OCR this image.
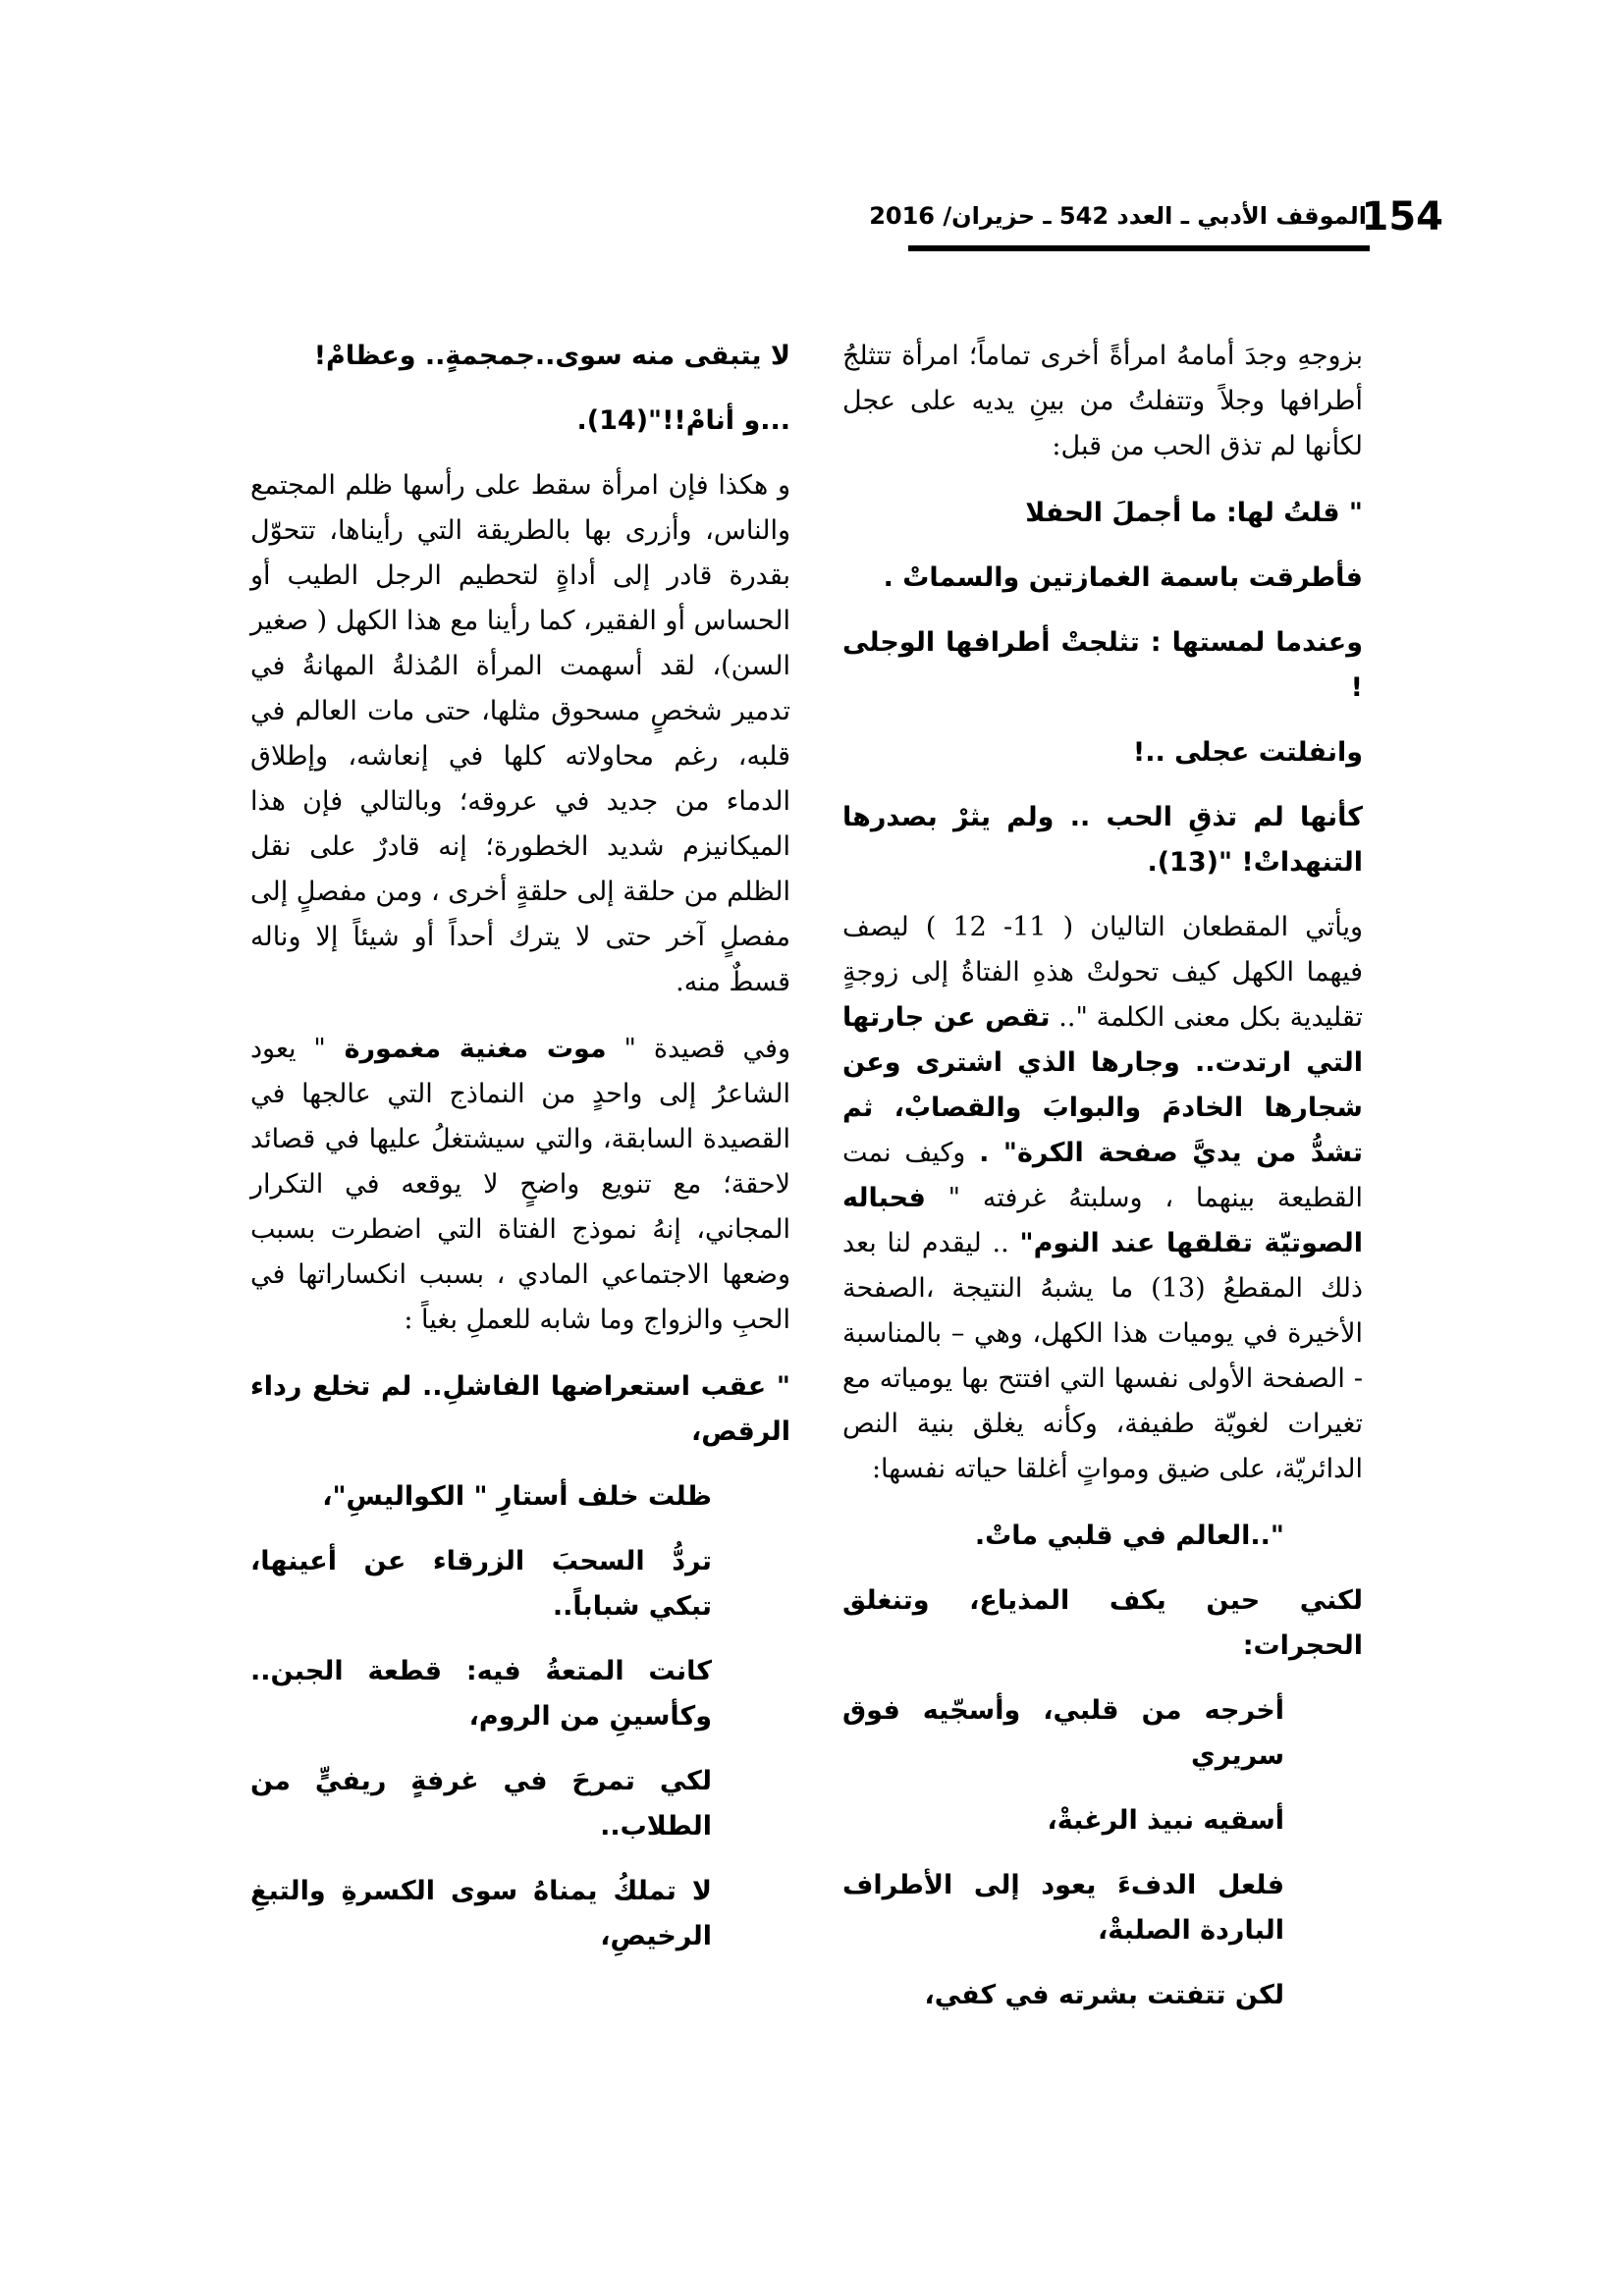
154
الموقف الأدبي ـ العدد 542 ـ حزيران/ 2016

بزوجهِ وجدَ أمامهُ امرأةً أخرى تماماً؛ امرأة تتثلجُ أطرافها وجلاً وتتفلتُ من بينِ يديه على عجل لكأنها لم تذق الحب من قبل:

" قلتُ لها: ما أجملَ الحفلا

فأطرقت باسمة الغمازتين والسماتْ .

وعندما لمستها : تثلجتْ أطرافها الوجلى !

وانفلتت عجلى ..!

كأنها لم تذقِ الحب .. ولم يثرْ بصدرها التنهداتْ! "(13).

ويأتي المقطعان التاليان ( 11- 12 ) ليصف فيهما الكهل كيف تحولتْ هذهِ الفتاةُ إلى زوجةٍ تقليدية بكل معنى الكلمة ".. تقص عن جارتها التي ارتدت.. وجارها الذي اشترى وعن شجارها الخادمَ والبوابَ والقصابْ، ثم تشدُّ من يديَّ صفحة الكرة" . وكيف نمت القطيعة بينهما ، وسلبتهُ غرفته " فحباله الصوتيّة تقلقها عند النوم" .. ليقدم لنا بعد ذلك المقطعُ (13) ما يشبهُ النتيجة ،الصفحة الأخيرة في يوميات هذا الكهل، وهي – بالمناسبة - الصفحة الأولى نفسها التي افتتح بها يومياته مع تغيرات لغويّة طفيفة، وكأنه يغلق بنية النص الدائريّة، على ضيق ومواتٍ أغلقا حياته نفسها:

"..العالم في قلبي ماتْ.

لكني حين يكف المذياع، وتنغلق الحجرات:

أخرجه من قلبي، وأسجّيه فوق سريري

أسقيه نبيذ الرغبةْ،

فلعل الدفءَ يعود إلى الأطراف الباردة الصلبةْ،

لكن تتفتت بشرته في كفي،

لا يتبقى منه سوى..جمجمةٍ.. وعظامْ!

...و أنامْ!!"(14).

و هكذا فإن امرأة سقط على رأسها ظلم المجتمع والناس، وأزرى بها بالطريقة التي رأيناها، تتحوّل بقدرة قادر إلى أداةٍ لتحطيم الرجل الطيب أو الحساس أو الفقير، كما رأينا مع هذا الكهل ( صغير السن)، لقد أسهمت المرأة المُذلةُ المهانةُ في تدمير شخصٍ مسحوق مثلها، حتى مات العالم في قلبه، رغم محاولاته كلها في إنعاشه، وإطلاق الدماء من جديد في عروقه؛ وبالتالي فإن هذا الميكانيزم شديد الخطورة؛ إنه قادرٌ على نقل الظلم من حلقة إلى حلقةٍ أخرى ، ومن مفصلٍ إلى مفصلٍ آخر حتى لا يترك أحداً أو شيئاً إلا وناله قسطٌ منه.

وفي قصيدة " موت مغنية مغمورة " يعود الشاعرُ إلى واحدٍ من النماذج التي عالجها في القصيدة السابقة، والتي سيشتغلُ عليها في قصائد لاحقة؛ مع تنويع واضحٍ لا يوقعه في التكرار المجاني، إنهُ نموذج الفتاة التي اضطرت بسبب وضعها الاجتماعي المادي ، بسبب انكساراتها في الحبِ والزواج وما شابه للعملِ بغياً :

" عقب استعراضها الفاشلِ.. لم تخلع رداء الرقص،

ظلت خلف أستارِ " الكواليسِ"،

تردُّ السحبَ الزرقاء عن أعينها، تبكي شباباً..

كانت المتعةُ فيه: قطعة الجبن.. وكأسينِ من الروم،

لكي تمرحَ في غرفةٍ ريفيٍّ من الطلاب..

لا تملكُ يمناهُ سوى الكسرةِ والتبغِ الرخيصِ،
